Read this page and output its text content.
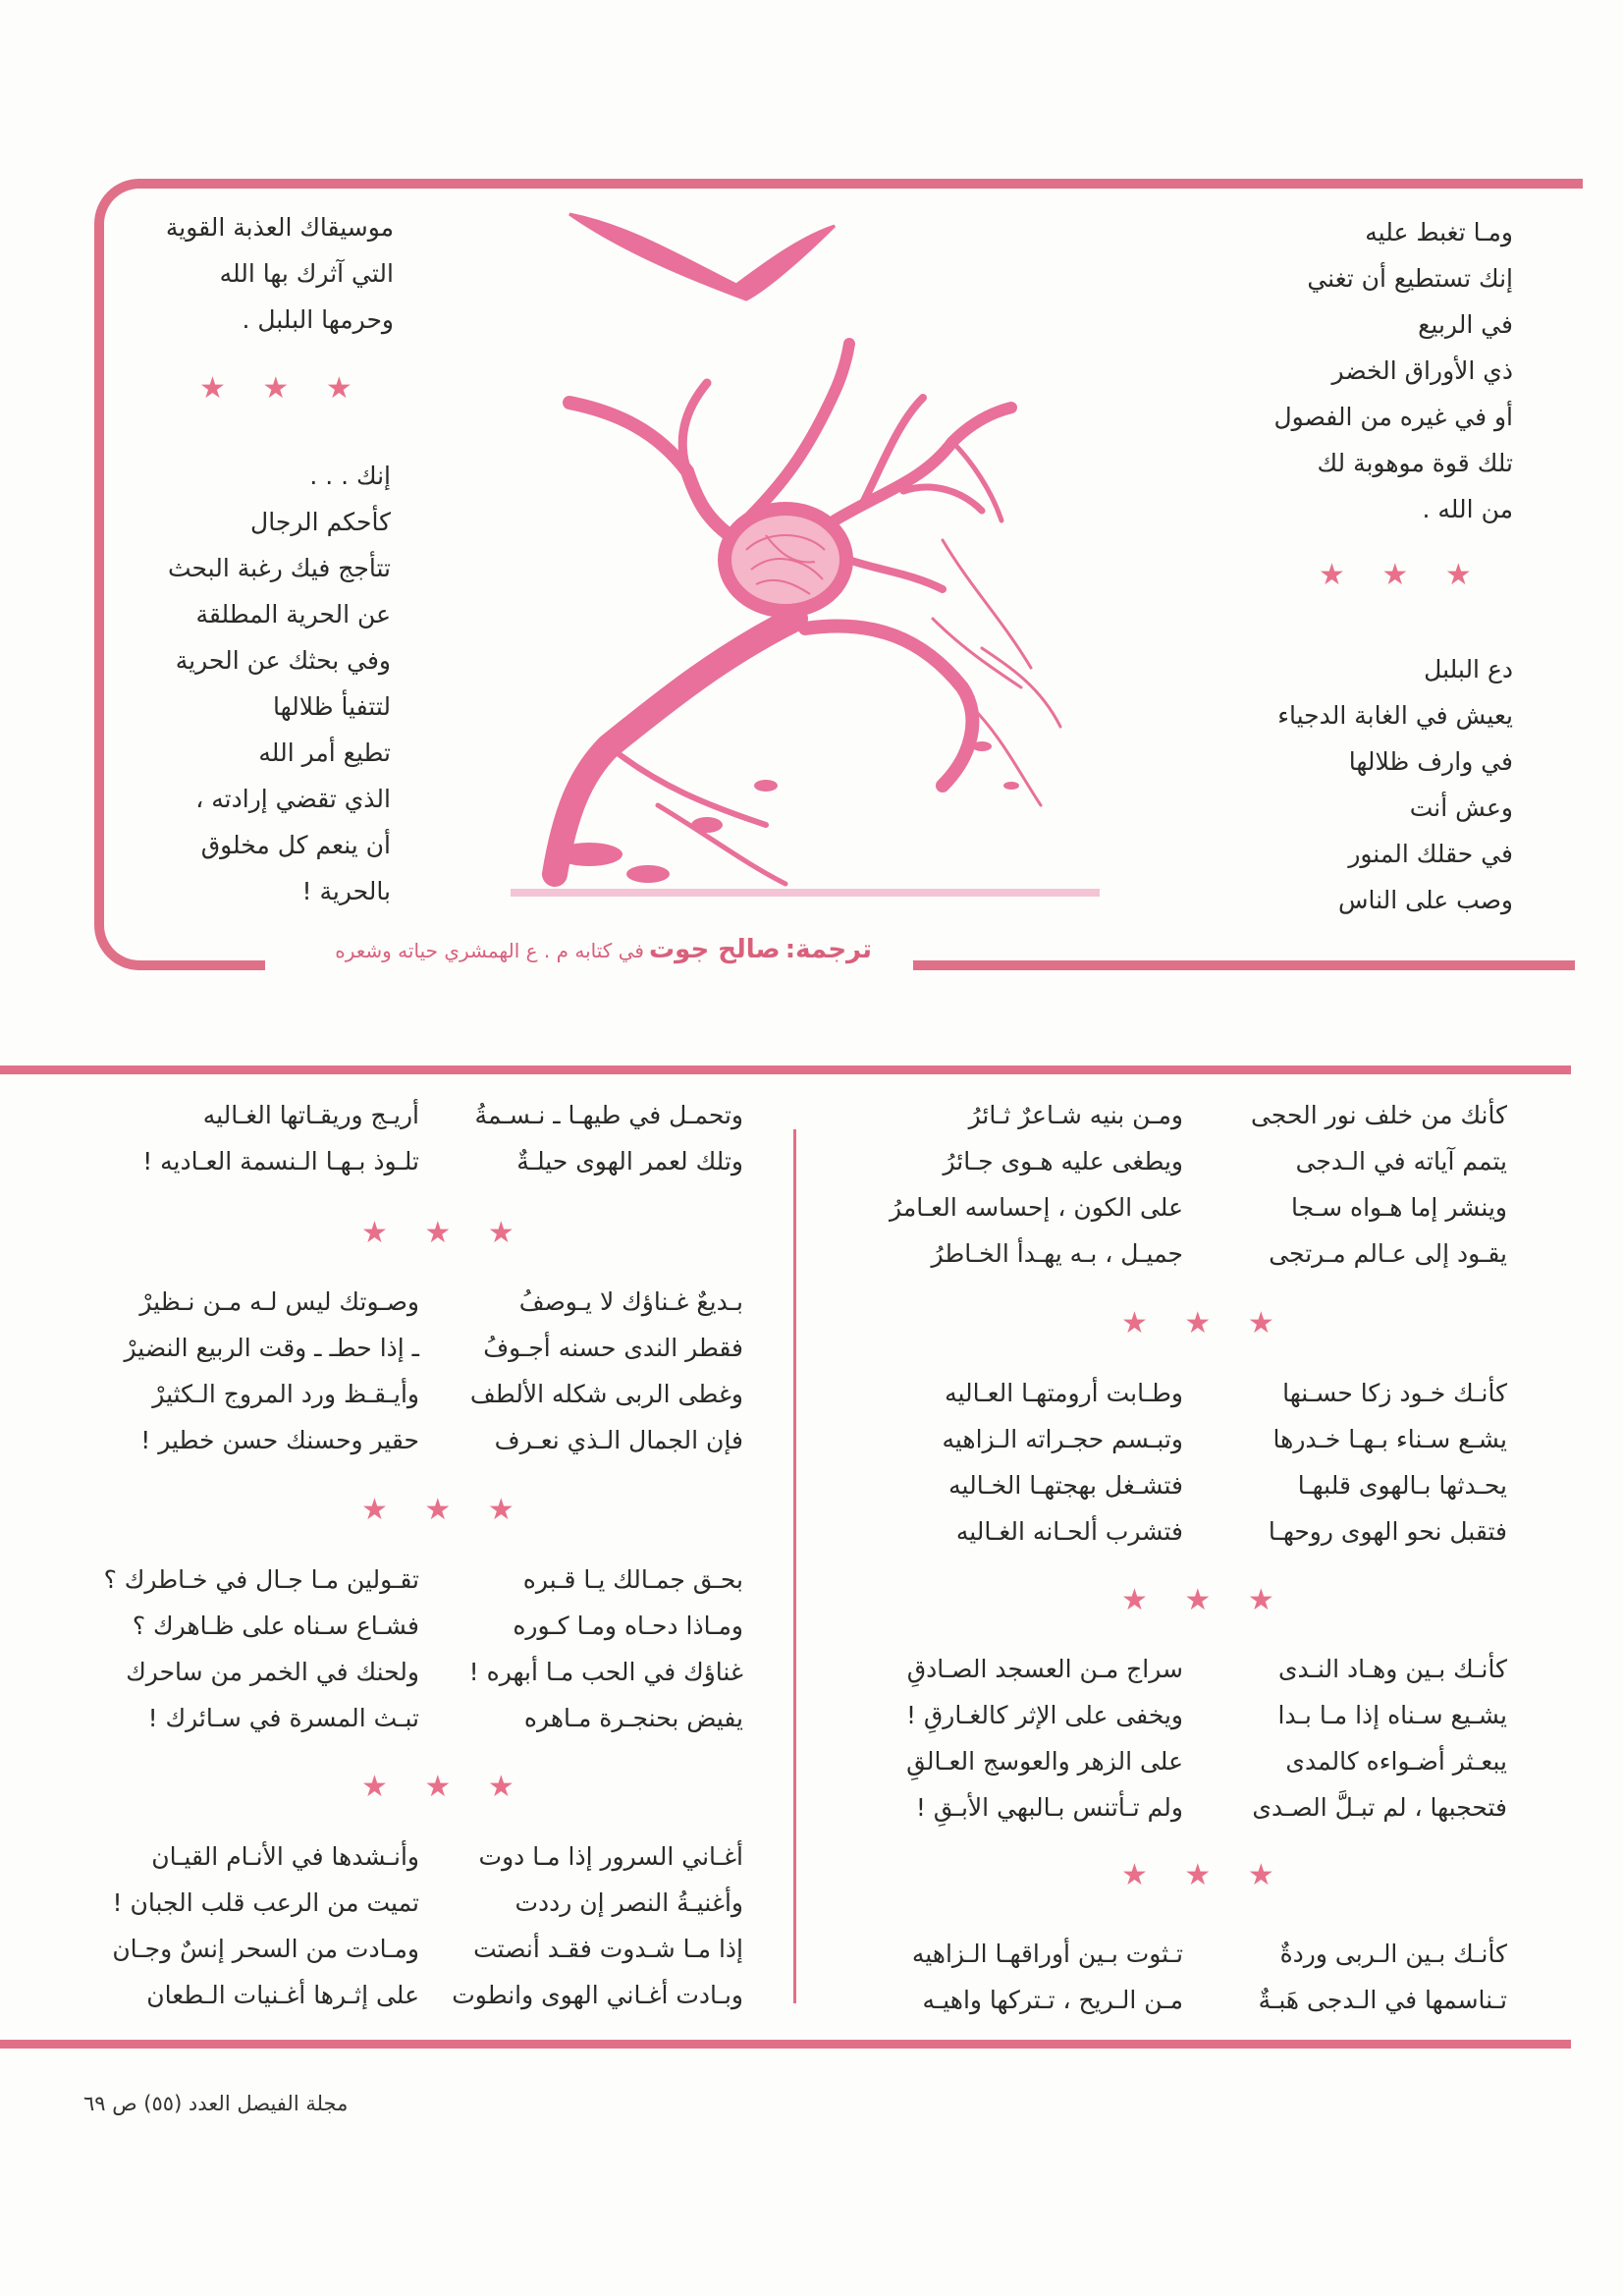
ومـا تغبط عليه
إنك تستطيع أن تغني
في الربيع
ذي الأوراق الخضر
أو في غيره من الفصول
تلك قوة موهوبة لك
من الله .
★ ★ ★
دع البلبل
يعيش في الغابة الدجياء
في وارف ظلالها
وعش أنت
في حقلك المنور
وصب على الناس
موسيقاك العذبة القوية
التي آثرك بها الله
وحرمها البلبل .
★ ★ ★
إنك . . .
كأحكم الرجال
تتأجج فيك رغبة البحث
عن الحرية المطلقة
وفي بحثك عن الحرية
لتتفيأ ظلالها
تطيع أمر الله
الذي تقضي إرادته ،
أن ينعم كل مخلوق
بالحرية !
ترجمة: صالح جوت في كتابه م . ع الهمشري حياته وشعره
كأنك من خلف نور الحجى
ومـن بنيه شـاعرٌ ثـائرُ
يتمم آياته في الـدجى
ويطغى عليه هـوى جـائرُ
وينشر إما هـواه سـجا
على الكون ، إحساسه العـامرُ
يقـود إلى عـالم مـرتجى
جميـل ، بـه يهـدأ الخـاطرُ
★ ★ ★
كأنـك خـود زكا حسـنها
وطـابت أرومتهـا العـاليه
يشـع سـناء بـهـا خـدرها
وتبـسم حجـراته الـزاهيه
يحـدثها بـالهوى قلبهـا
فتشـغل بهجتهـا الخـاليه
فتقبل نحو الهوى روحهـا
فتشرب ألحـانه الغـاليه
★ ★ ★
كأنـك بـين وهـاد النـدى
سراج مـن العسجد الصـادقِ
يشـيع سـناه إذا مـا بـدا
ويخفى على الإثر كالغـارقِ !
يبعـثر أضـواءه كالمدى
على الزهر والعوسج العـالقِ
فتحجبها ، لم تبـلَّ الصـدى
ولم تـأتنس بـالبهي الأبـقِ !
★ ★ ★
كأنـك بـين الـربى وردةٌ
تـثوت بـين أوراقهـا الـزاهيه
تـناسمها في الـدجى هَبـةٌ
مـن الـريح ، تـتركها واهيـه
وتحمـل في طيهـا ـ نـسـمةُ
أريـج وريقـاتها الغـاليه
وتلك لعمر الهوى حيلـةٌ
تلـوذ بـهـا الـنسمة العـاديه !
★ ★ ★
بـديعٌ غـناؤك لا يـوصفُ
وصـوتك ليس لـه مـن نـظيرْ
فقطر الندى حسنه أجـوفُ
ـ إذا حطـ ـ وقت الربيع النضيرْ
وغطى الربى شكله الألطف
وأيـقـظ ورد المروج الـكثيرْ
فإن الجمال الـذي نعـرف
حقير وحسنك حسن خطير !
★ ★ ★
بحـق جمـالك يـا قـبره
تقـولين مـا جـال في خـاطرك ؟
ومـاذا دحـاه ومـا كـوره
فشـاع سـناه على ظـاهرك ؟
غناؤك في الحب مـا أبهره !
ولحنك في الخمر من ساحرك
يفيض بحنجـرة مـاهره
تبـث المسرة في سـائرك !
★ ★ ★
أغـاني السرور إذا مـا دوت
وأنـشدها في الأنـام القيـان
وأغنيـةُ النصر إن رددت
تميت من الرعب قلب الجبان !
إذا مـا شـدوت فقـد أنصتت
ومـادت من السحر إنسٌ وجـان
وبـادت أغـاني الهوى وانطوت
على إثـرها أغـنيات الـطعان
مجلة الفيصل العدد (٥٥) ص ٦٩
